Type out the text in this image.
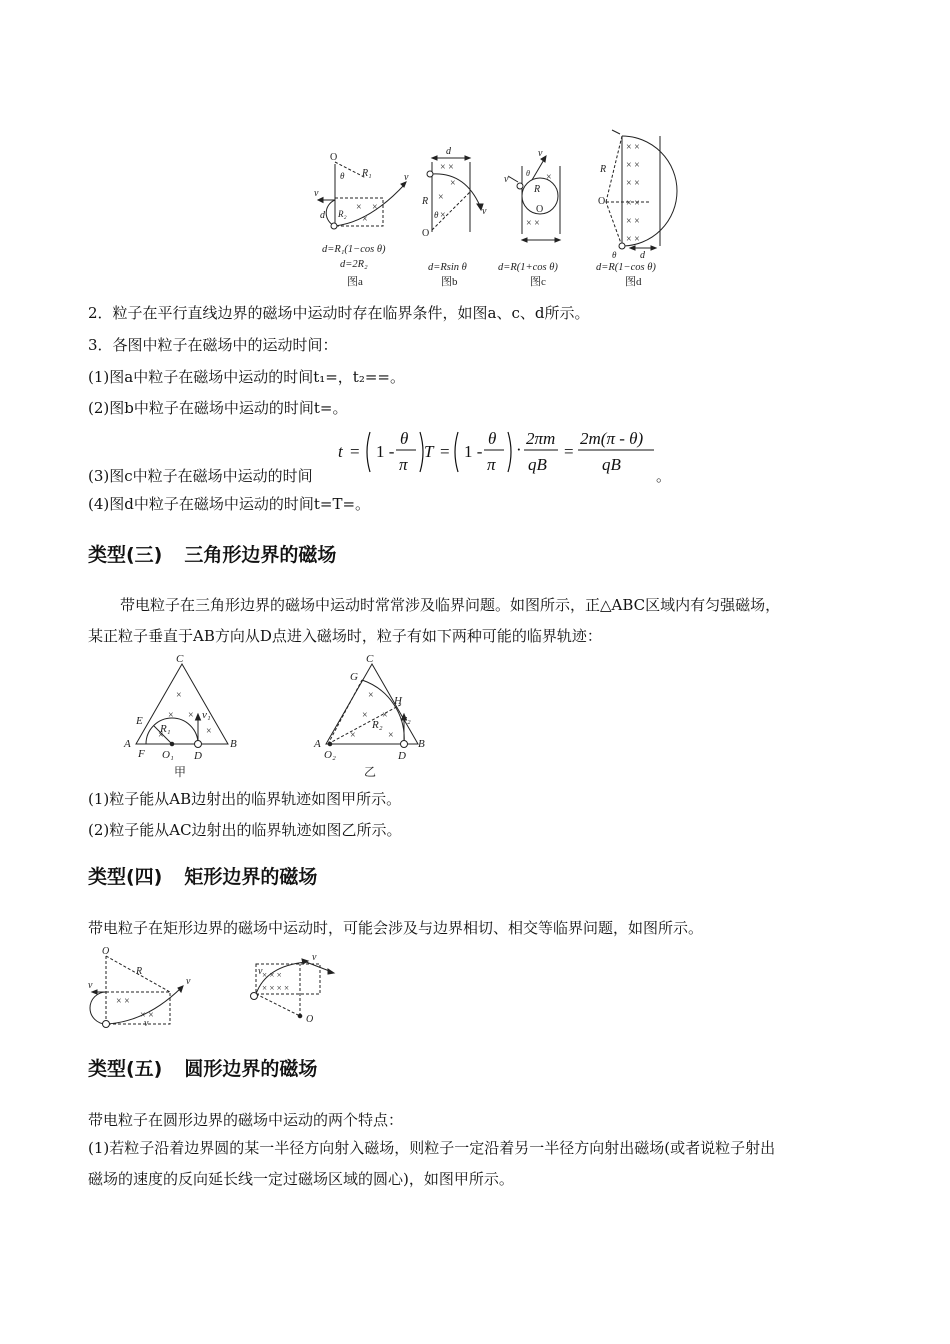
O
θ R₁
v
v
d R₂
× ×
×
d=R₁(1−cos θ)
d=2R₂
图a
d
× ×
×
×
×
R
θ
O
v
d=Rsin θ
图b
v
v
θ
R
O
×
× ×
d=R(1+cos θ)
图c
× ×
× ×
× ×
× ×
× ×
× ×
R
O
θ d
d=R(1−cos θ)
图d
2．粒子在平行直线边界的磁场中运动时存在临界条件，如图a、c、d所示。
3．各图中粒子在磁场中的运动时间：
(1)图a中粒子在磁场中运动的时间t₁=，t₂==。
(2)图b中粒子在磁场中运动的时间t=。
t = 1 -
θ
π
T = 1 -
θ
π
·
2πm
qB
=
2m(π - θ)
qB
(3)图c中粒子在磁场中运动的时间	。
(4)图d中粒子在磁场中运动的时间t=T=。
类型(三) 三角形边界的磁场
带电粒子在三角形边界的磁场中运动时常常涉及临界问题。如图所示，正△ABC区域内有匀强磁场，
某正粒子垂直于AB方向从D点进入磁场时，粒子有如下两种可能的临界轨迹：
×
× ×
×
×
C
E
R₁
v₁
A	B
F O₁ D
甲
×
× ×
×	×
C
G
H
R₂ v₂
A	B
O₂	D
乙
(1)粒子能从AB边射出的临界轨迹如图甲所示。
(2)粒子能从AC边射出的临界轨迹如图乙所示。
类型(四) 矩形边界的磁场
带电粒子在矩形边界的磁场中运动时，可能会涉及与边界相切、相交等临界问题，如图所示。
× ×
× ×
O
R
v	v
v
× × ×
× × × ×
v
v
O
类型(五) 圆形边界的磁场
带电粒子在圆形边界的磁场中运动的两个特点：
(1)若粒子沿着边界圆的某一半径方向射入磁场，则粒子一定沿着另一半径方向射出磁场(或者说粒子射出
磁场的速度的反向延长线一定过磁场区域的圆心)，如图甲所示。
